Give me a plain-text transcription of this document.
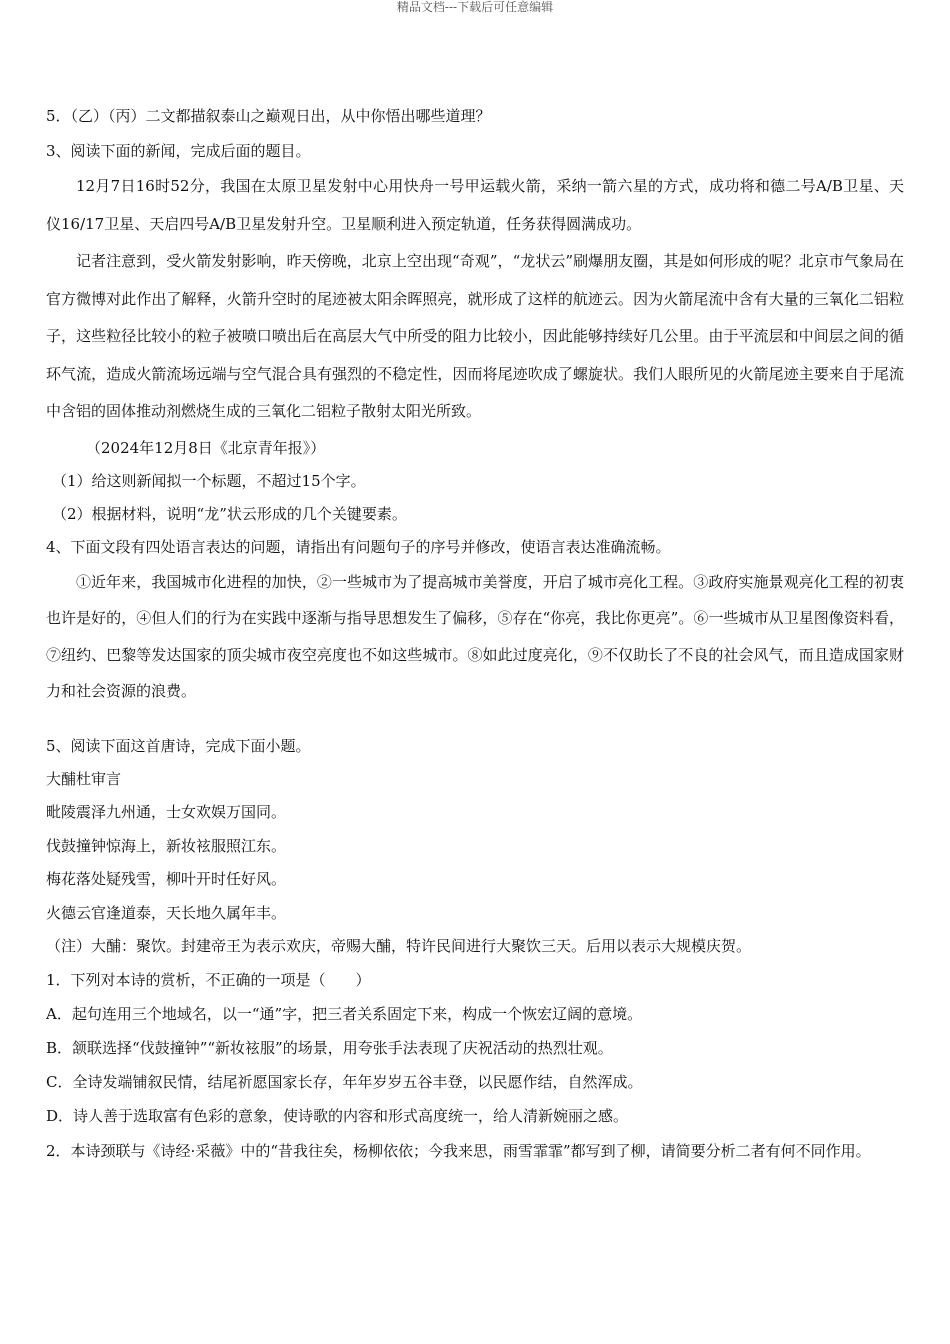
精品文档---下载后可任意编辑
5．（乙）（丙）二文都描叙泰山之巅观日出，从中你悟出哪些道理？
3、阅读下面的新闻，完成后面的题目。
12月7日16时52分，我国在太原卫星发射中心用快舟一号甲运载火箭，采纳一箭六星的方式，成功将和德二号A/B卫星、天仪16/17卫星、天启四号A/B卫星发射升空。卫星顺利进入预定轨道，任务获得圆满成功。
记者注意到，受火箭发射影响，昨天傍晚，北京上空出现“奇观”，“龙状云”刷爆朋友圈，其是如何形成的呢？北京市气象局在官方微博对此作出了解释，火箭升空时的尾迹被太阳余晖照亮，就形成了这样的航迹云。因为火箭尾流中含有大量的三氧化二铝粒子，这些粒径比较小的粒子被喷口喷出后在高层大气中所受的阻力比较小，因此能够持续好几公里。由于平流层和中间层之间的循环气流，造成火箭流场远端与空气混合具有强烈的不稳定性，因而将尾迹吹成了螺旋状。我们人眼所见的火箭尾迹主要来自于尾流中含铝的固体推动剂燃烧生成的三氧化二铝粒子散射太阳光所致。
（2024年12月8日《北京青年报》）
（1）给这则新闻拟一个标题，不超过15个字。
（2）根据材料，说明“龙”状云形成的几个关键要素。
4、下面文段有四处语言表达的问题，请指出有问题句子的序号并修改，使语言表达准确流畅。
①近年来，我国城市化进程的加快，②一些城市为了提高城市美誉度，开启了城市亮化工程。③政府实施景观亮化工程的初衷也许是好的，④但人们的行为在实践中逐渐与指导思想发生了偏移，⑤存在“你亮，我比你更亮”。⑥一些城市从卫星图像资料看，⑦纽约、巴黎等发达国家的顶尖城市夜空亮度也不如这些城市。⑧如此过度亮化，⑨不仅助长了不良的社会风气，而且造成国家财力和社会资源的浪费。
5、阅读下面这首唐诗，完成下面小题。
大酺杜审言
毗陵震泽九州通，士女欢娱万国同。
伐鼓撞钟惊海上，新妆袨服照江东。
梅花落处疑残雪，柳叶开时任好风。
火德云官逢道泰，天长地久属年丰。
（注）大酺：聚饮。封建帝王为表示欢庆，帝赐大酺，特许民间进行大聚饮三天。后用以表示大规模庆贺。
1．下列对本诗的赏析，不正确的一项是（　　）
A．起句连用三个地域名，以一“通”字，把三者关系固定下来，构成一个恢宏辽阔的意境。
B．颔联选择“伐鼓撞钟”“新妆袨服”的场景，用夸张手法表现了庆祝活动的热烈壮观。
C．全诗发端铺叙民情，结尾祈愿国家长存，年年岁岁五谷丰登，以民愿作结，自然浑成。
D．诗人善于选取富有色彩的意象，使诗歌的内容和形式高度统一，给人清新婉丽之感。
2．本诗颈联与《诗经·采薇》中的“昔我往矣，杨柳依依；今我来思，雨雪霏霏”都写到了柳，请简要分析二者有何不同作用。
